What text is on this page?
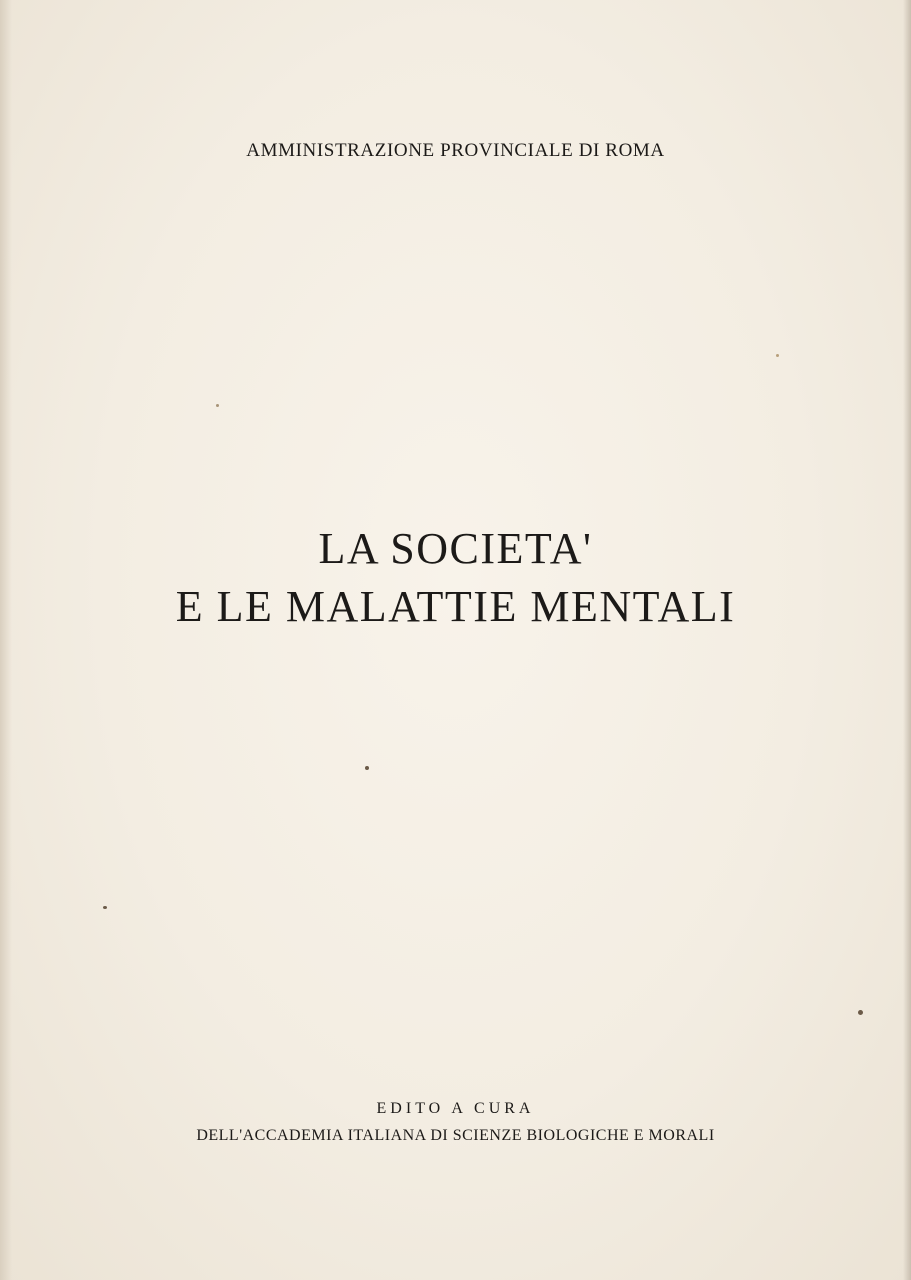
AMMINISTRAZIONE PROVINCIALE DI ROMA
LA SOCIETA'
E LE MALATTIE MENTALI
EDITO A CURA
DELL'ACCADEMIA ITALIANA DI SCIENZE BIOLOGICHE E MORALI
